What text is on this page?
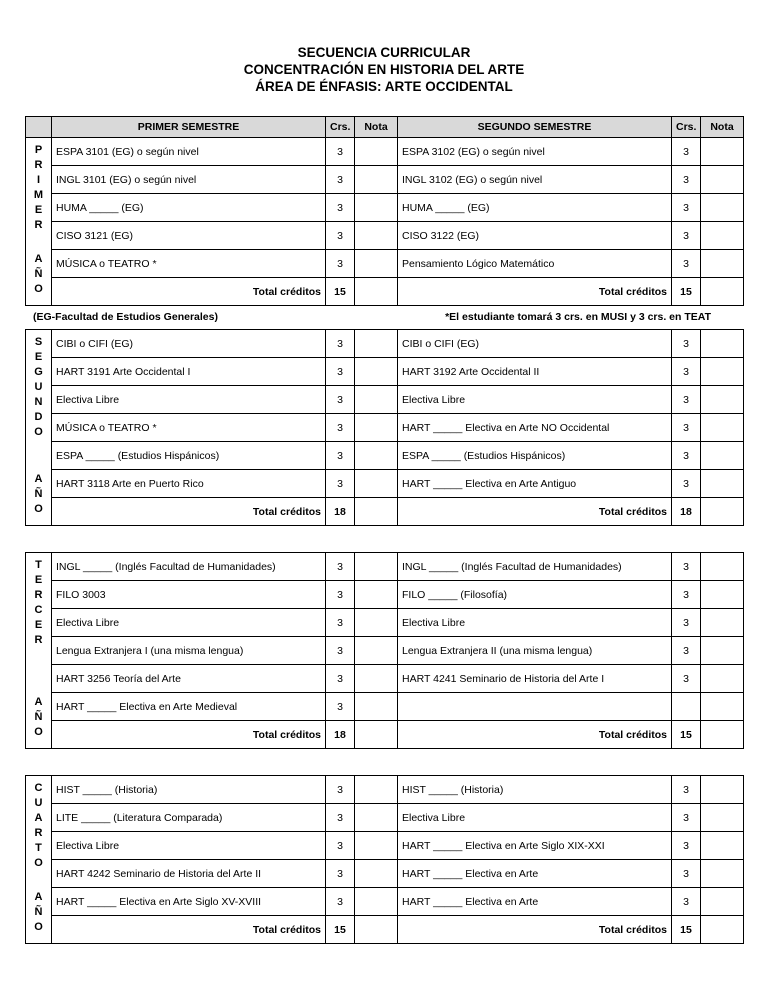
SECUENCIA CURRICULAR
CONCENTRACIÓN EN HISTORIA DEL ARTE
ÁREA DE ÉNFASIS: ARTE OCCIDENTAL
	PRIMER SEMESTRE	Crs.	Nota	SEGUNDO SEMESTRE	Crs.	Nota

P
R
I
M
E
R
A
Ñ
O
	ESPA 3101 (EG) o según nivel	3		ESPA 3102 (EG) o según nivel	3	
	INGL 3101 (EG) o según nivel	3		INGL 3102 (EG) o según nivel	3	
	HUMA _____ (EG)	3		HUMA _____ (EG)	3	
	CISO 3121 (EG)	3		CISO 3122 (EG)	3	
	MÚSICA o TEATRO *	3		Pensamiento Lógico Matemático	3	
	Total créditos	15		Total créditos	15	
(EG-Facultad de Estudios Generales)	*El estudiante tomará 3 crs. en MUSI y 3 crs. en TEAT
S
E
G
U
N
D
O
A
Ñ
O
	CIBI o CIFI (EG)	3		CIBI o CIFI (EG)	3	
	HART 3191 Arte Occidental I	3		HART 3192 Arte Occidental II	3	
	Electiva Libre	3		Electiva Libre	3	
	MÚSICA o TEATRO *	3		HART _____ Electiva en Arte NO Occidental	3	
	ESPA _____ (Estudios Hispánicos)	3		ESPA _____ (Estudios Hispánicos)	3	
	HART 3118 Arte en Puerto Rico	3		HART _____ Electiva en Arte Antiguo	3	
	Total créditos	18		Total créditos	18	
T
E
R
C
E
R
A
Ñ
O
	INGL _____ (Inglés Facultad de Humanidades)	3		INGL _____ (Inglés Facultad de Humanidades)	3	
	FILO 3003	3		FILO _____ (Filosofía)	3	
	Electiva Libre	3		Electiva Libre	3	
	Lengua Extranjera I (una misma lengua)	3		Lengua Extranjera II (una misma lengua)	3	
	HART 3256 Teoría del Arte	3		HART 4241 Seminario de Historia del Arte I	3	
	HART _____ Electiva en Arte Medieval	3				
	Total créditos	18		Total créditos	15	
C
U
A
R
T
O
A
Ñ
O
	HIST _____ (Historia)	3		HIST _____ (Historia)	3	
	LITE _____ (Literatura Comparada)	3		Electiva Libre	3	
	Electiva Libre	3		HART _____ Electiva en Arte Siglo XIX-XXI	3	
	HART 4242 Seminario de Historia del Arte II	3		HART _____ Electiva en Arte	3	
	HART _____ Electiva en Arte Siglo XV-XVIII	3		HART _____ Electiva en Arte	3	
	Total créditos	15		Total créditos	15	
